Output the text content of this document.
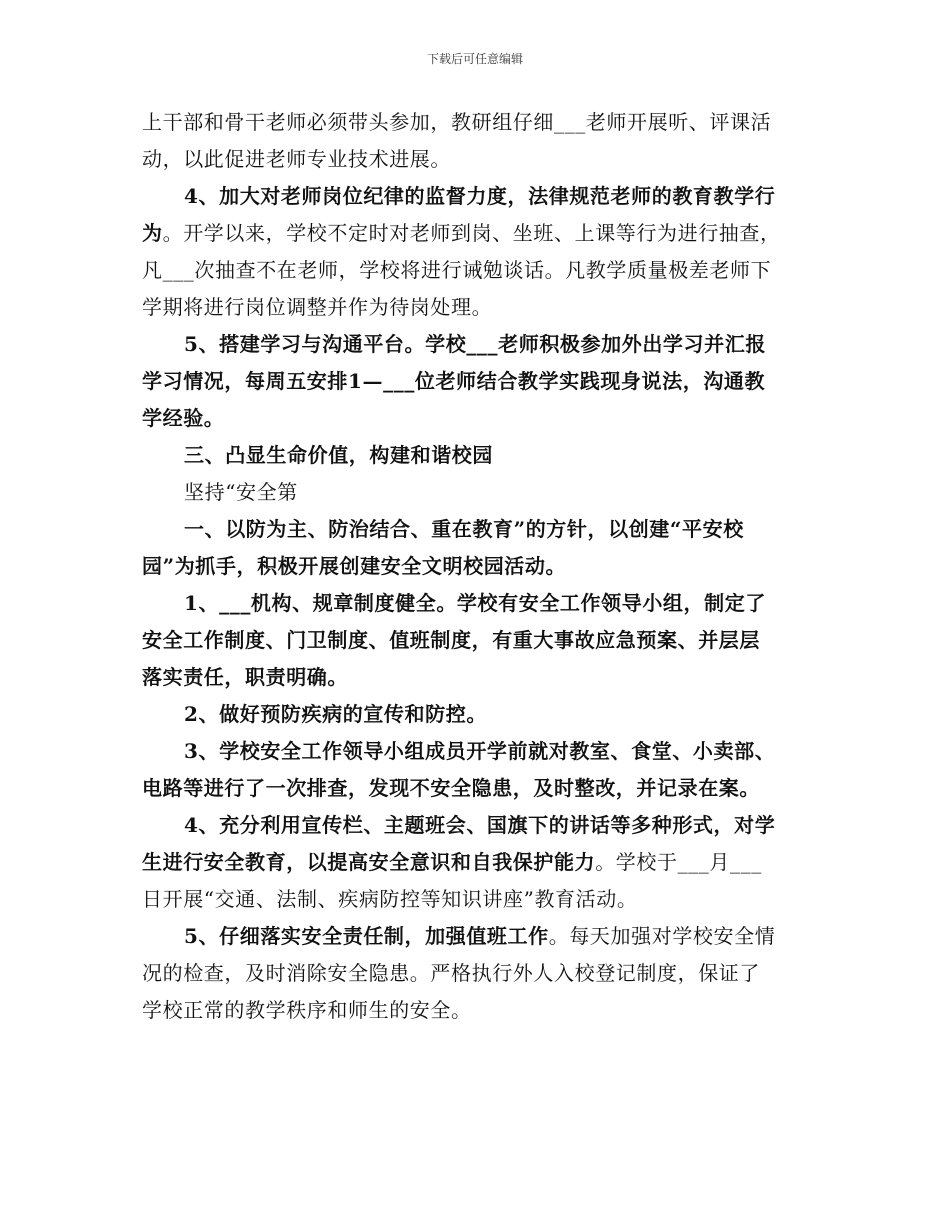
下载后可任意编辑
上干部和骨干老师必须带头参加，教研组仔细___老师开展听、评课活
动，以此促进老师专业技术进展。
4、加大对老师岗位纪律的监督力度，法律规范老师的教育教学行
为。开学以来，学校不定时对老师到岗、坐班、上课等行为进行抽查，
凡___次抽查不在老师，学校将进行诫勉谈话。凡教学质量极差老师下
学期将进行岗位调整并作为待岗处理。
5、搭建学习与沟通平台。学校___老师积极参加外出学习并汇报
学习情况，每周五安排1—___位老师结合教学实践现身说法，沟通教
学经验。
三、凸显生命价值，构建和谐校园
坚持“安全第
一、以防为主、防治结合、重在教育”的方针，以创建“平安校
园”为抓手，积极开展创建安全文明校园活动。
1、___机构、规章制度健全。学校有安全工作领导小组，制定了
安全工作制度、门卫制度、值班制度，有重大事故应急预案、并层层
落实责任，职责明确。
2、做好预防疾病的宣传和防控。
3、学校安全工作领导小组成员开学前就对教室、食堂、小卖部、
电路等进行了一次排查，发现不安全隐患，及时整改，并记录在案。
4、充分利用宣传栏、主题班会、国旗下的讲话等多种形式，对学
生进行安全教育，以提高安全意识和自我保护能力。学校于___月___
日开展“交通、法制、疾病防控等知识讲座”教育活动。
5、仔细落实安全责任制，加强值班工作。每天加强对学校安全情
况的检查，及时消除安全隐患。严格执行外人入校登记制度，保证了
学校正常的教学秩序和师生的安全。
